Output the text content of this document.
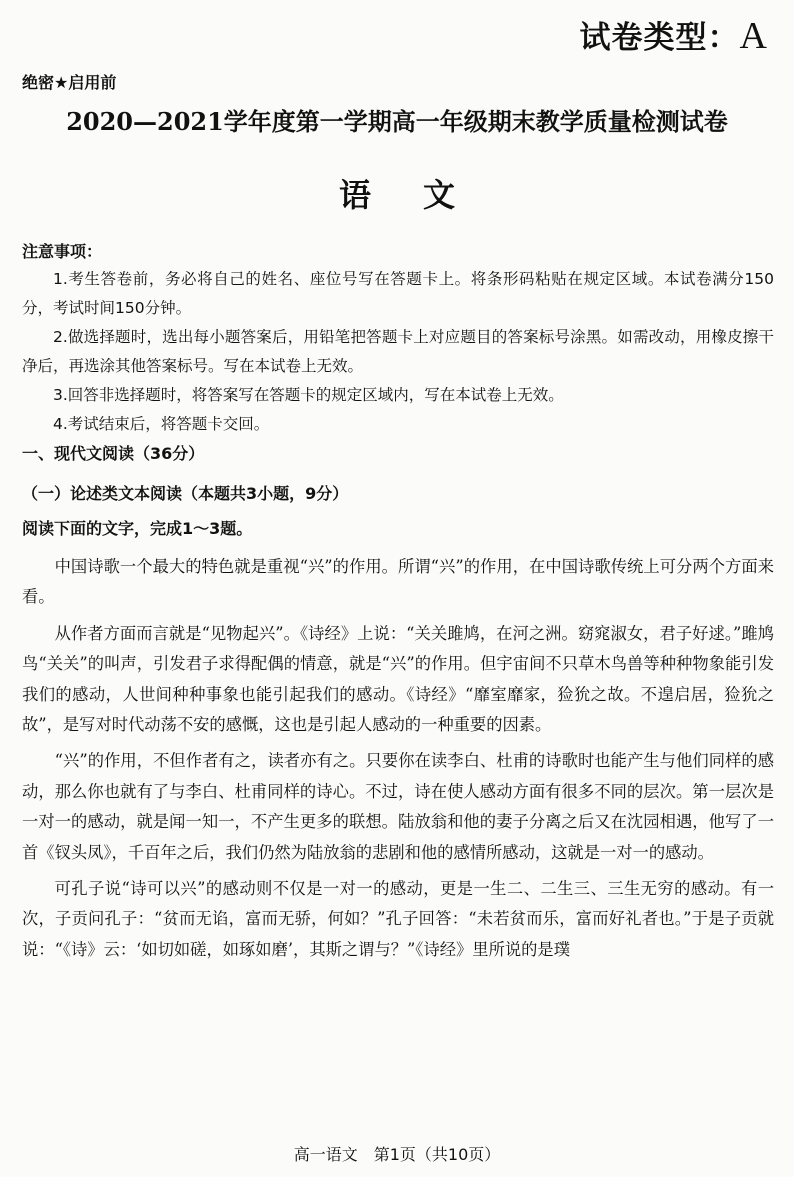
试卷类型：A
绝密★启用前
2020—2021学年度第一学期高一年级期末教学质量检测试卷
语文
注意事项：

1.考生答卷前，务必将自己的姓名、座位号写在答题卡上。将条形码粘贴在规定区域。本试卷满分150分，考试时间150分钟。

2.做选择题时，选出每小题答案后，用铅笔把答题卡上对应题目的答案标号涂黑。如需改动，用橡皮擦干净后，再选涂其他答案标号。写在本试卷上无效。

3.回答非选择题时，将答案写在答题卡的规定区域内，写在本试卷上无效。

4.考试结束后，将答题卡交回。

一、现代文阅读（36分）
（一）论述类文本阅读（本题共3小题，9分）
阅读下面的文字，完成1～3题。

中国诗歌一个最大的特色就是重视“兴”的作用。所谓“兴”的作用，在中国诗歌传统上可分两个方面来看。

从作者方面而言就是“见物起兴”。《诗经》上说：“关关雎鸠，在河之洲。窈窕淑女，君子好逑。”雎鸠鸟“关关”的叫声，引发君子求得配偶的情意，就是“兴”的作用。但宇宙间不只草木鸟兽等种种物象能引发我们的感动，人世间种种事象也能引起我们的感动。《诗经》“靡室靡家，猃狁之故。不遑启居，猃狁之故”，是写对时代动荡不安的感慨，这也是引起人感动的一种重要的因素。

“兴”的作用，不但作者有之，读者亦有之。只要你在读李白、杜甫的诗歌时也能产生与他们同样的感动，那么你也就有了与李白、杜甫同样的诗心。不过，诗在使人感动方面有很多不同的层次。第一层次是一对一的感动，就是闻一知一，不产生更多的联想。陆放翁和他的妻子分离之后又在沈园相遇，他写了一首《钗头凤》，千百年之后，我们仍然为陆放翁的悲剧和他的感情所感动，这就是一对一的感动。

可孔子说“诗可以兴”的感动则不仅是一对一的感动，更是一生二、二生三、三生无穷的感动。有一次，子贡问孔子：“贫而无谄，富而无骄，何如？”孔子回答：“未若贫而乐，富而好礼者也。”于是子贡就说：“《诗》云：‘如切如磋，如琢如磨’，其斯之谓与？”《诗经》里所说的是璞

高一语文　第1页（共10页）
